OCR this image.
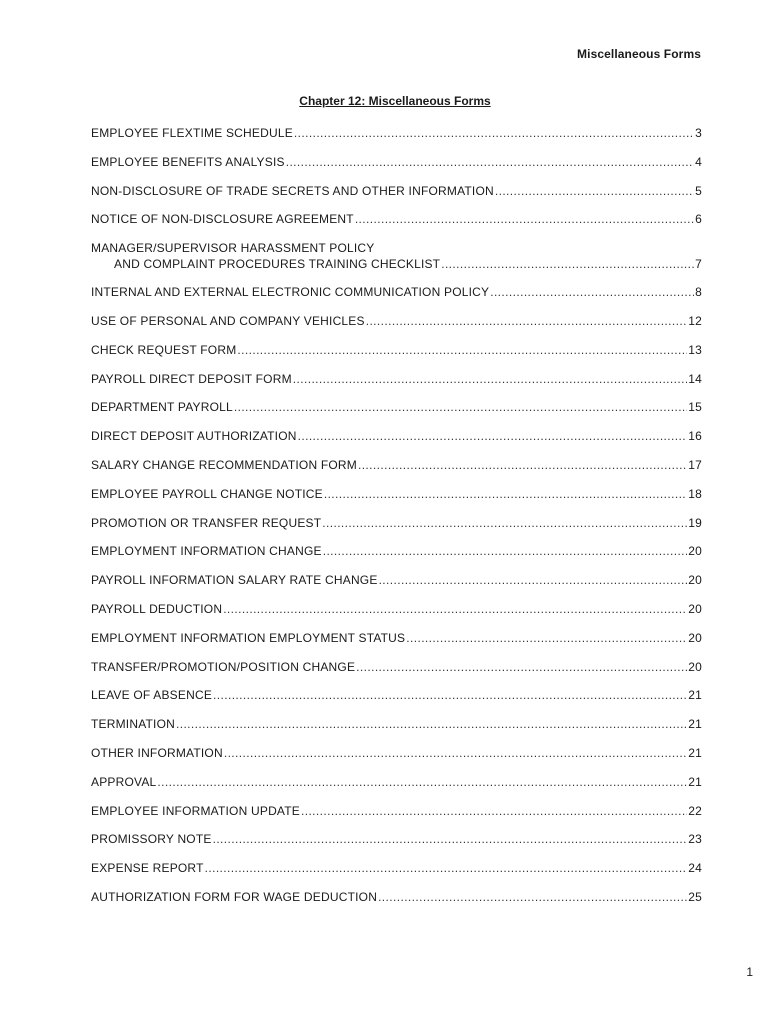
Miscellaneous Forms
Chapter 12: Miscellaneous Forms
EMPLOYEE FLEXTIME SCHEDULE .....	3
EMPLOYEE BENEFITS ANALYSIS .....	4
NON-DISCLOSURE OF TRADE SECRETS AND OTHER INFORMATION .....	5
NOTICE OF NON-DISCLOSURE AGREEMENT .....	6
MANAGER/SUPERVISOR HARASSMENT POLICY
AND COMPLAINT PROCEDURES TRAINING CHECKLIST .....	7
INTERNAL AND EXTERNAL ELECTRONIC COMMUNICATION POLICY .....	8
USE OF PERSONAL AND COMPANY VEHICLES .....	12
CHECK REQUEST FORM .....	13
PAYROLL DIRECT DEPOSIT FORM .....	14
DEPARTMENT PAYROLL .....	15
DIRECT DEPOSIT AUTHORIZATION .....	16
SALARY CHANGE RECOMMENDATION FORM .....	17
EMPLOYEE PAYROLL CHANGE NOTICE .....	18
PROMOTION OR TRANSFER REQUEST .....	19
EMPLOYMENT INFORMATION CHANGE .....	20
PAYROLL INFORMATION SALARY RATE CHANGE .....	20
PAYROLL DEDUCTION .....	20
EMPLOYMENT INFORMATION EMPLOYMENT STATUS .....	20
TRANSFER/PROMOTION/POSITION CHANGE .....	20
LEAVE OF ABSENCE .....	21
TERMINATION .....	21
OTHER INFORMATION .....	21
APPROVAL .....	21
EMPLOYEE INFORMATION UPDATE .....	22
PROMISSORY NOTE .....	23
EXPENSE REPORT .....	24
AUTHORIZATION FORM FOR WAGE DEDUCTION .....	25
1
